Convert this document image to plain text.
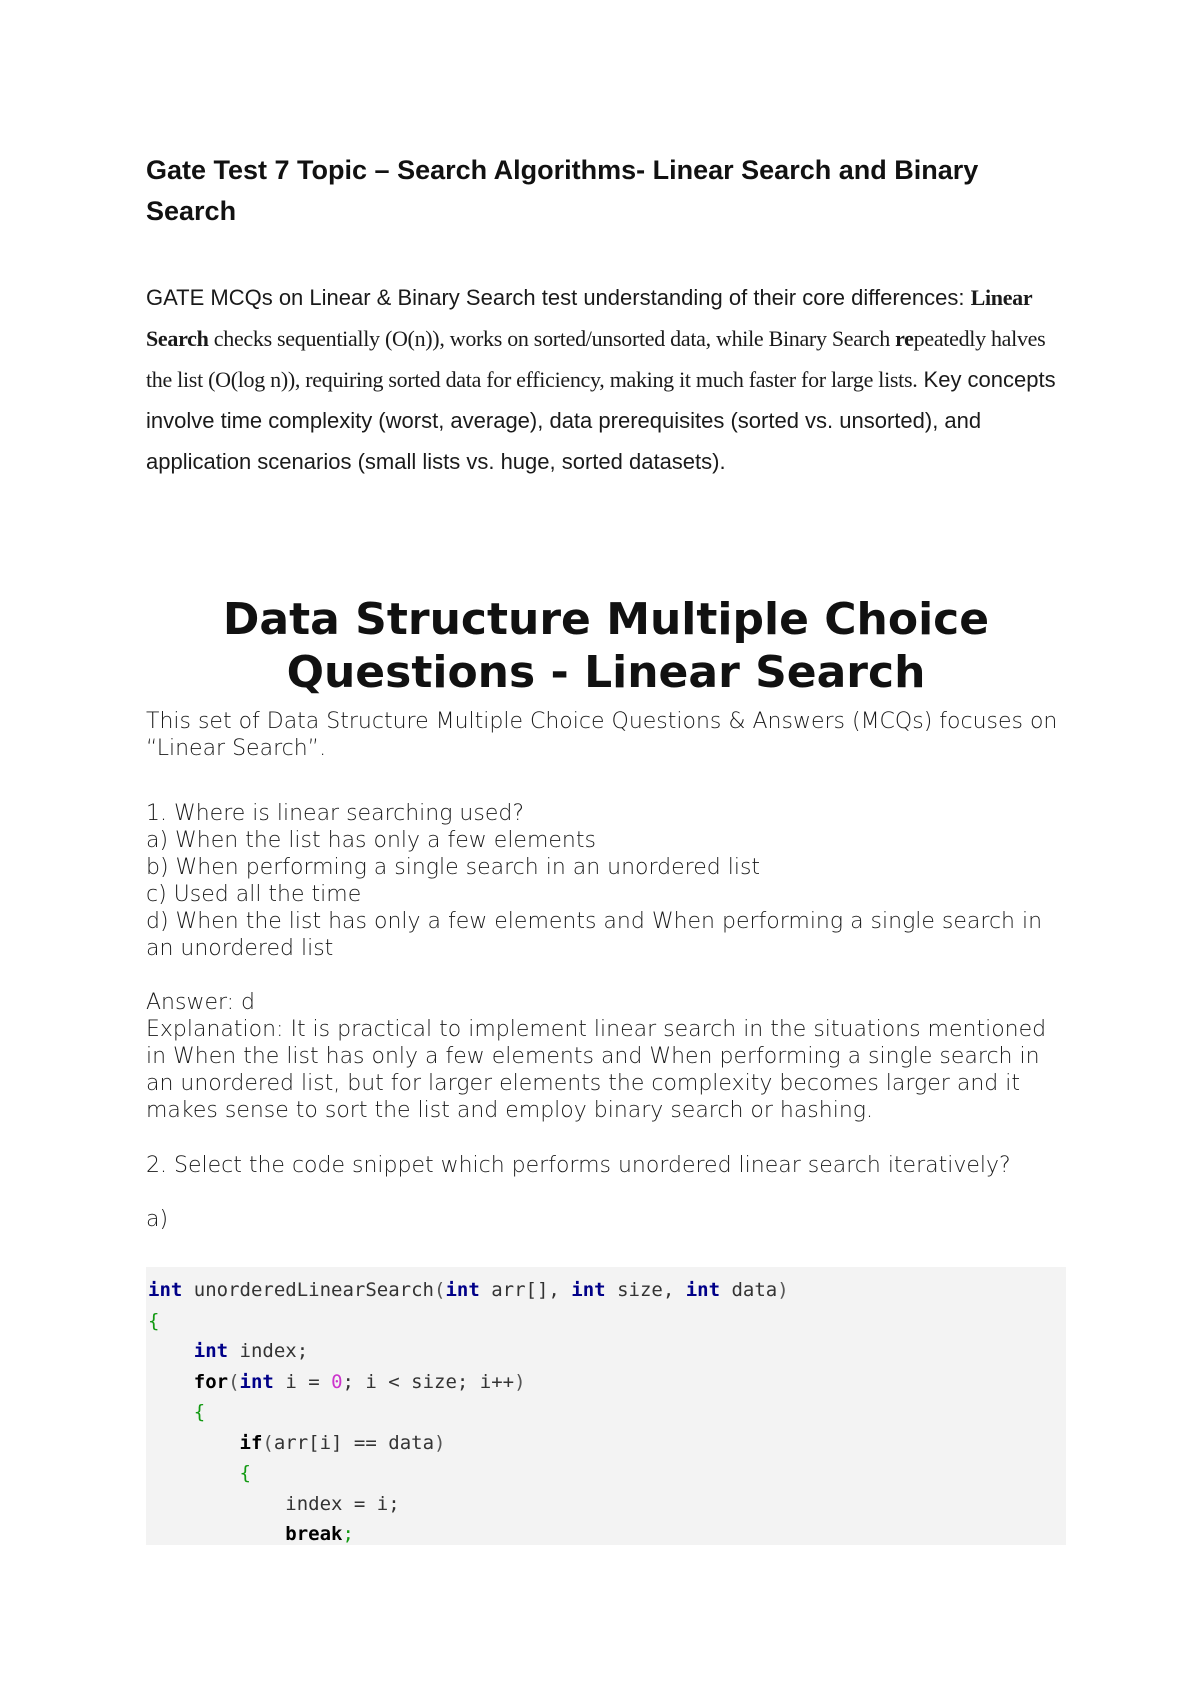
Gate Test 7 Topic – Search Algorithms- Linear Search and Binary Search

GATE MCQs on Linear & Binary Search test understanding of their core differences: Linear Search checks sequentially (O(n)), works on sorted/unsorted data, while Binary Search repeatedly halves the list (O(log n)), requiring sorted data for efficiency, making it much faster for large lists. Key concepts involve time complexity (worst, average), data prerequisites (sorted vs. unsorted), and application scenarios (small lists vs. huge, sorted datasets).

Data Structure Multiple Choice Questions - Linear Search

This set of Data Structure Multiple Choice Questions & Answers (MCQs) focuses on “Linear Search”.

1. Where is linear searching used?

a) When the list has only a few elements

b) When performing a single search in an unordered list

c) Used all the time

d) When the list has only a few elements and When performing a single search in an unordered list

Answer: d

Explanation: It is practical to implement linear search in the situations mentioned in When the list has only a few elements and When performing a single search in an unordered list, but for larger elements the complexity becomes larger and it makes sense to sort the list and employ binary search or hashing.

2. Select the code snippet which performs unordered linear search iteratively?

a)

int unorderedLinearSearch(int arr[], int size, int data)
{
int index;
for(int i = 0; i < size; i++)
{
if(arr[i] == data)
{
index = i;
break;
